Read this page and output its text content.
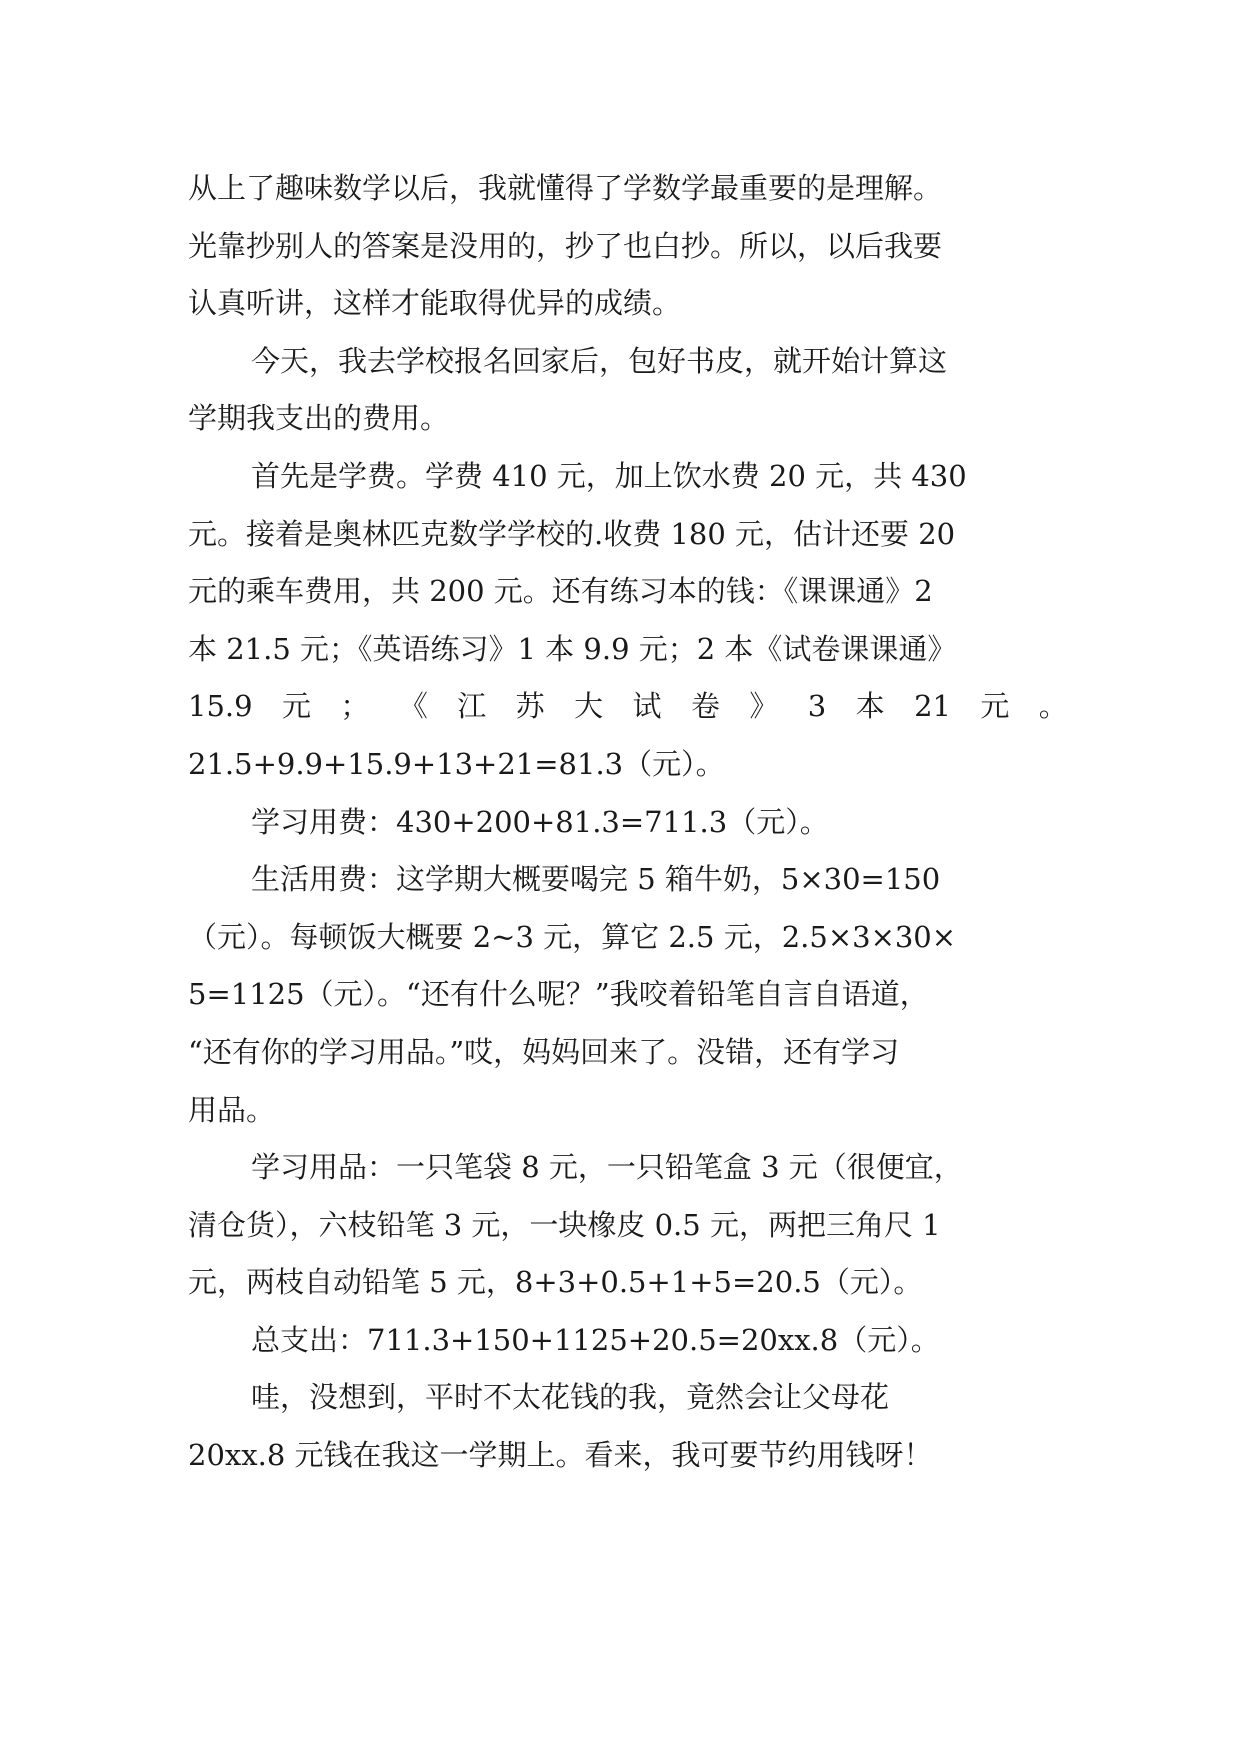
从上了趣味数学以后，我就懂得了学数学最重要的是理解。
光靠抄别人的答案是没用的，抄了也白抄。所以，以后我要
认真听讲，这样才能取得优异的成绩。
今天，我去学校报名回家后，包好书皮，就开始计算这
学期我支出的费用。
首先是学费。学费 410 元，加上饮水费 20 元，共 430
元。接着是奥林匹克数学学校的.收费 180 元，估计还要 20
元的乘车费用，共 200 元。还有练习本的钱：《课课通》2
本 21.5 元；《英语练习》1 本 9.9 元；2 本《试卷课课通》
15.9 元 ； 《 江 苏 大 试 卷 》 3 本 21 元 。
21.5+9.9+15.9+13+21=81.3（元）。
学习用费：430+200+81.3=711.3（元）。
生活用费：这学期大概要喝完 5 箱牛奶，5×30=150
（元）。每顿饭大概要 2~3 元，算它 2.5 元，2.5×3×30×
5=1125（元）。“还有什么呢？”我咬着铅笔自言自语道，
“还有你的学习用品。”哎，妈妈回来了。没错，还有学习
用品。
学习用品：一只笔袋 8 元，一只铅笔盒 3 元（很便宜，
清仓货），六枝铅笔 3 元，一块橡皮 0.5 元，两把三角尺 1
元，两枝自动铅笔 5 元，8+3+0.5+1+5=20.5（元）。
总支出：711.3+150+1125+20.5=20xx.8（元）。
哇，没想到，平时不太花钱的我，竟然会让父母花
20xx.8 元钱在我这一学期上。看来，我可要节约用钱呀！
